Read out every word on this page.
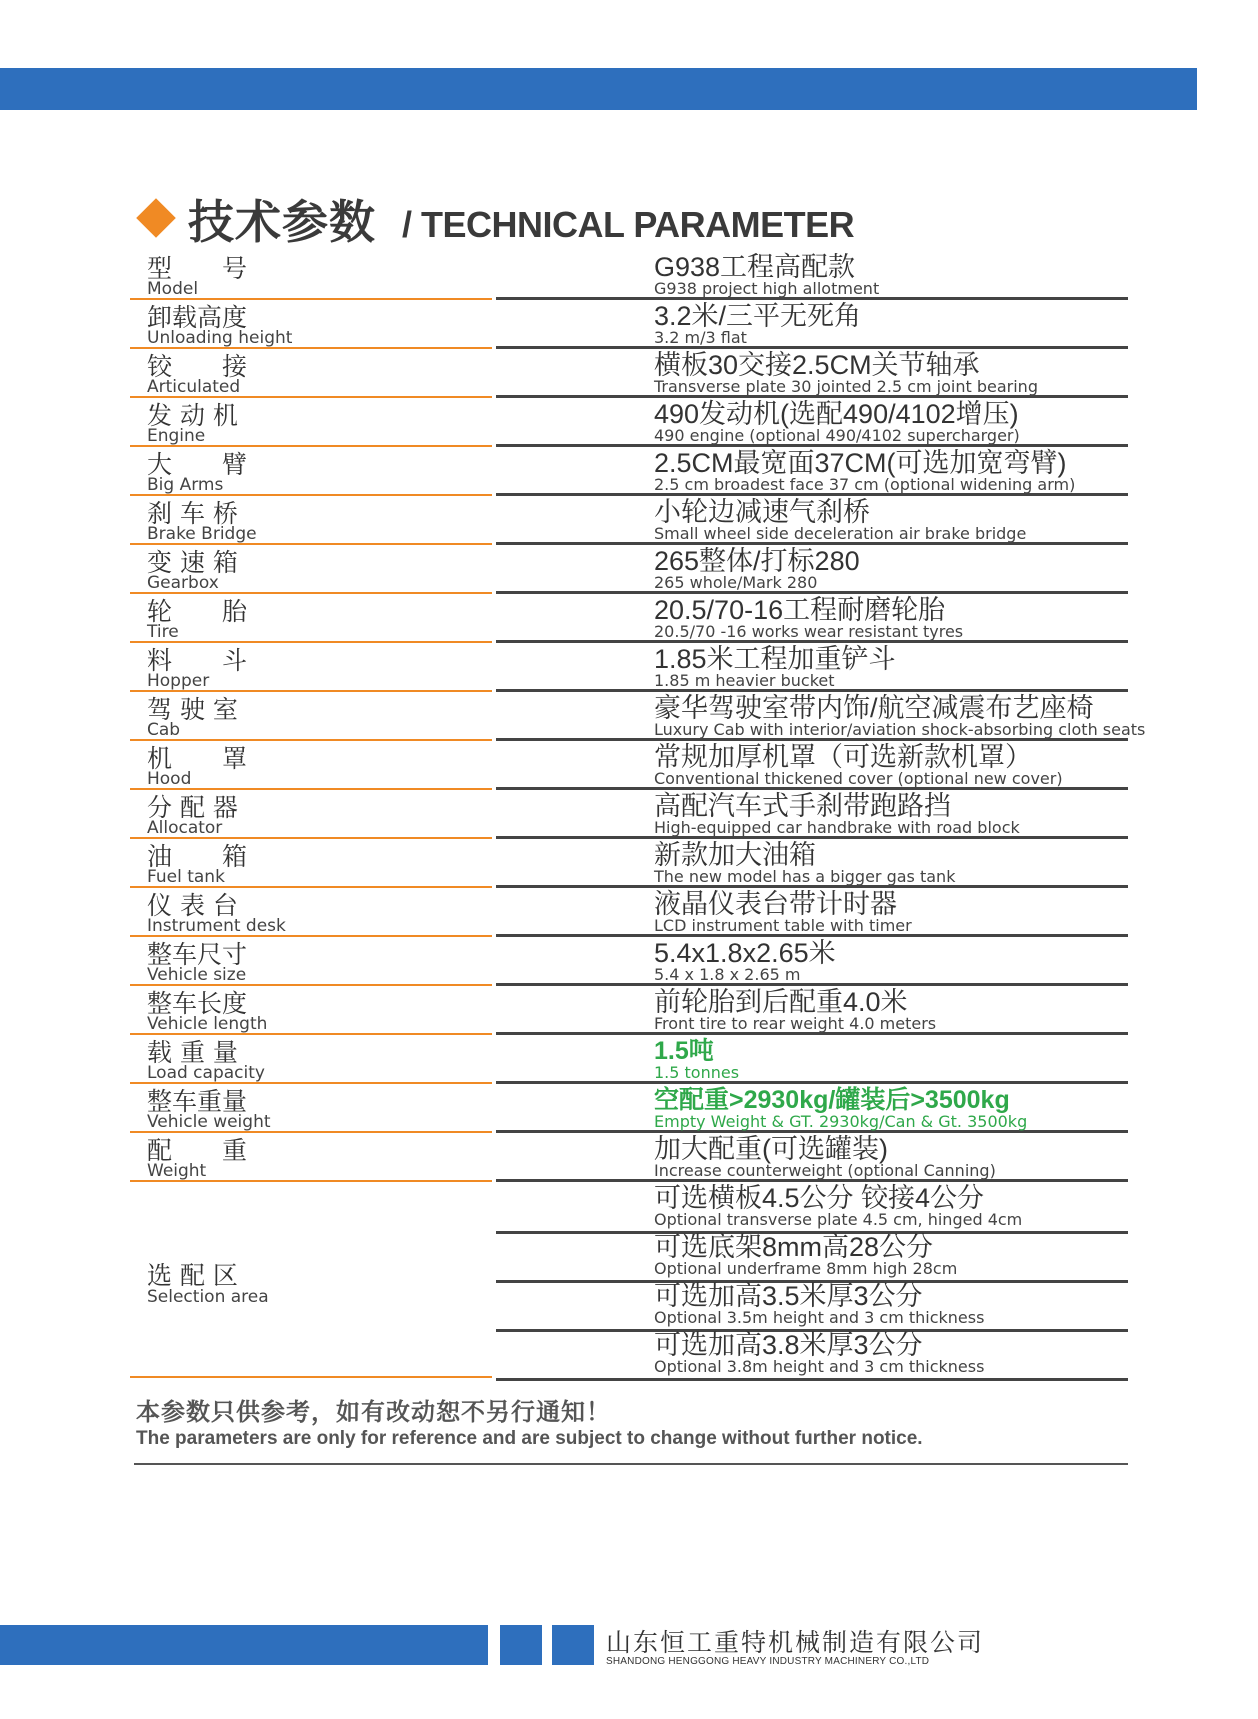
技术参数 / TECHNICAL PARAMETER
型　　号
Model
G938工程高配款
G938 project high allotment
卸载高度
Unloading height
3.2米/三平无死角
3.2 m/3 flat
铰　　接
Articulated
横板30交接2.5CM关节轴承
Transverse plate 30 jointed 2.5 cm joint bearing
发 动 机
Engine
490发动机(选配490/4102增压)
490 engine (optional 490/4102 supercharger)
大　　臂
Big Arms
2.5CM最宽面37CM(可选加宽弯臂)
2.5 cm broadest face 37 cm (optional widening arm)
刹 车 桥
Brake Bridge
小轮边减速气刹桥
Small wheel side deceleration air brake bridge
变 速 箱
Gearbox
265整体/打标280
265 whole/Mark 280
轮　　胎
Tire
20.5/70-16工程耐磨轮胎
20.5/70 -16 works wear resistant tyres
料　　斗
Hopper
1.85米工程加重铲斗
1.85 m heavier bucket
驾 驶 室
Cab
豪华驾驶室带内饰/航空减震布艺座椅
Luxury Cab with interior/aviation shock-absorbing cloth seats
机　　罩
Hood
常规加厚机罩（可选新款机罩）
Conventional thickened cover (optional new cover)
分 配 器
Allocator
高配汽车式手刹带跑路挡
High-equipped car handbrake with road block
油　　箱
Fuel tank
新款加大油箱
The new model has a bigger gas tank
仪 表 台
Instrument desk
液晶仪表台带计时器
LCD instrument table with timer
整车尺寸
Vehicle size
5.4x1.8x2.65米
5.4 x 1.8 x 2.65 m
整车长度
Vehicle length
前轮胎到后配重4.0米
Front tire to rear weight 4.0 meters
载 重 量
Load capacity
1.5吨
1.5 tonnes
整车重量
Vehicle weight
空配重>2930kg/罐装后>3500kg
Empty Weight & GT. 2930kg/Can & Gt. 3500kg
配　　重
Weight
加大配重(可选罐装)
Increase counterweight (optional Canning)
选 配 区
Selection area
可选横板4.5公分 铰接4公分
Optional transverse plate 4.5 cm, hinged 4cm
可选底架8mm高28公分
Optional underframe 8mm high 28cm
可选加高3.5米厚3公分
Optional 3.5m height and 3 cm thickness
可选加高3.8米厚3公分
Optional 3.8m height and 3 cm thickness
本参数只供参考，如有改动恕不另行通知！
The parameters are only for reference and are subject to change without further notice.
山东恒工重特机械制造有限公司
SHANDONG HENGGONG HEAVY INDUSTRY MACHINERY CO.,LTD
